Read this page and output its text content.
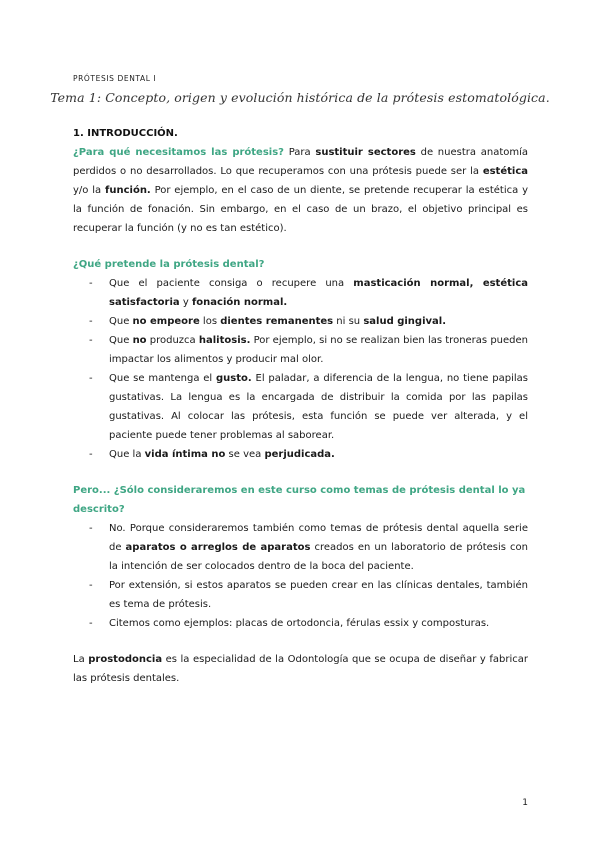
PRÓTESIS DENTAL I
Tema 1: Concepto, origen y evolución histórica de la prótesis estomatológica.
1. INTRODUCCIÓN.

¿Para qué necesitamos las prótesis? Para sustituir sectores de nuestra anatomía perdidos o no desarrollados. Lo que recuperamos con una prótesis puede ser la estética y/o la función. Por ejemplo, en el caso de un diente, se pretende recuperar la estética y la función de fonación. Sin embargo, en el caso de un brazo, el objetivo principal es recuperar la función (y no es tan estético).

¿Qué pretende la prótesis dental?
- Que el paciente consiga o recupere una masticación normal, estética satisfactoria y fonación normal.
- Que no empeore los dientes remanentes ni su salud gingival.
- Que no produzca halitosis. Por ejemplo, si no se realizan bien las troneras pueden impactar los alimentos y producir mal olor.
- Que se mantenga el gusto. El paladar, a diferencia de la lengua, no tiene papilas gustativas. La lengua es la encargada de distribuir la comida por las papilas gustativas. Al colocar las prótesis, esta función se puede ver alterada, y el paciente puede tener problemas al saborear.
- Que la vida íntima no se vea perjudicada.
Pero... ¿Sólo consideraremos en este curso como temas de prótesis dental lo ya descrito?
- No. Porque consideraremos también como temas de prótesis dental aquella serie de aparatos o arreglos de aparatos creados en un laboratorio de prótesis con la intención de ser colocados dentro de la boca del paciente.
- Por extensión, si estos aparatos se pueden crear en las clínicas dentales, también es tema de prótesis.
- Citemos como ejemplos: placas de ortodoncia, férulas essix y composturas.

La prostodoncia es la especialidad de la Odontología que se ocupa de diseñar y fabricar las prótesis dentales.

1
